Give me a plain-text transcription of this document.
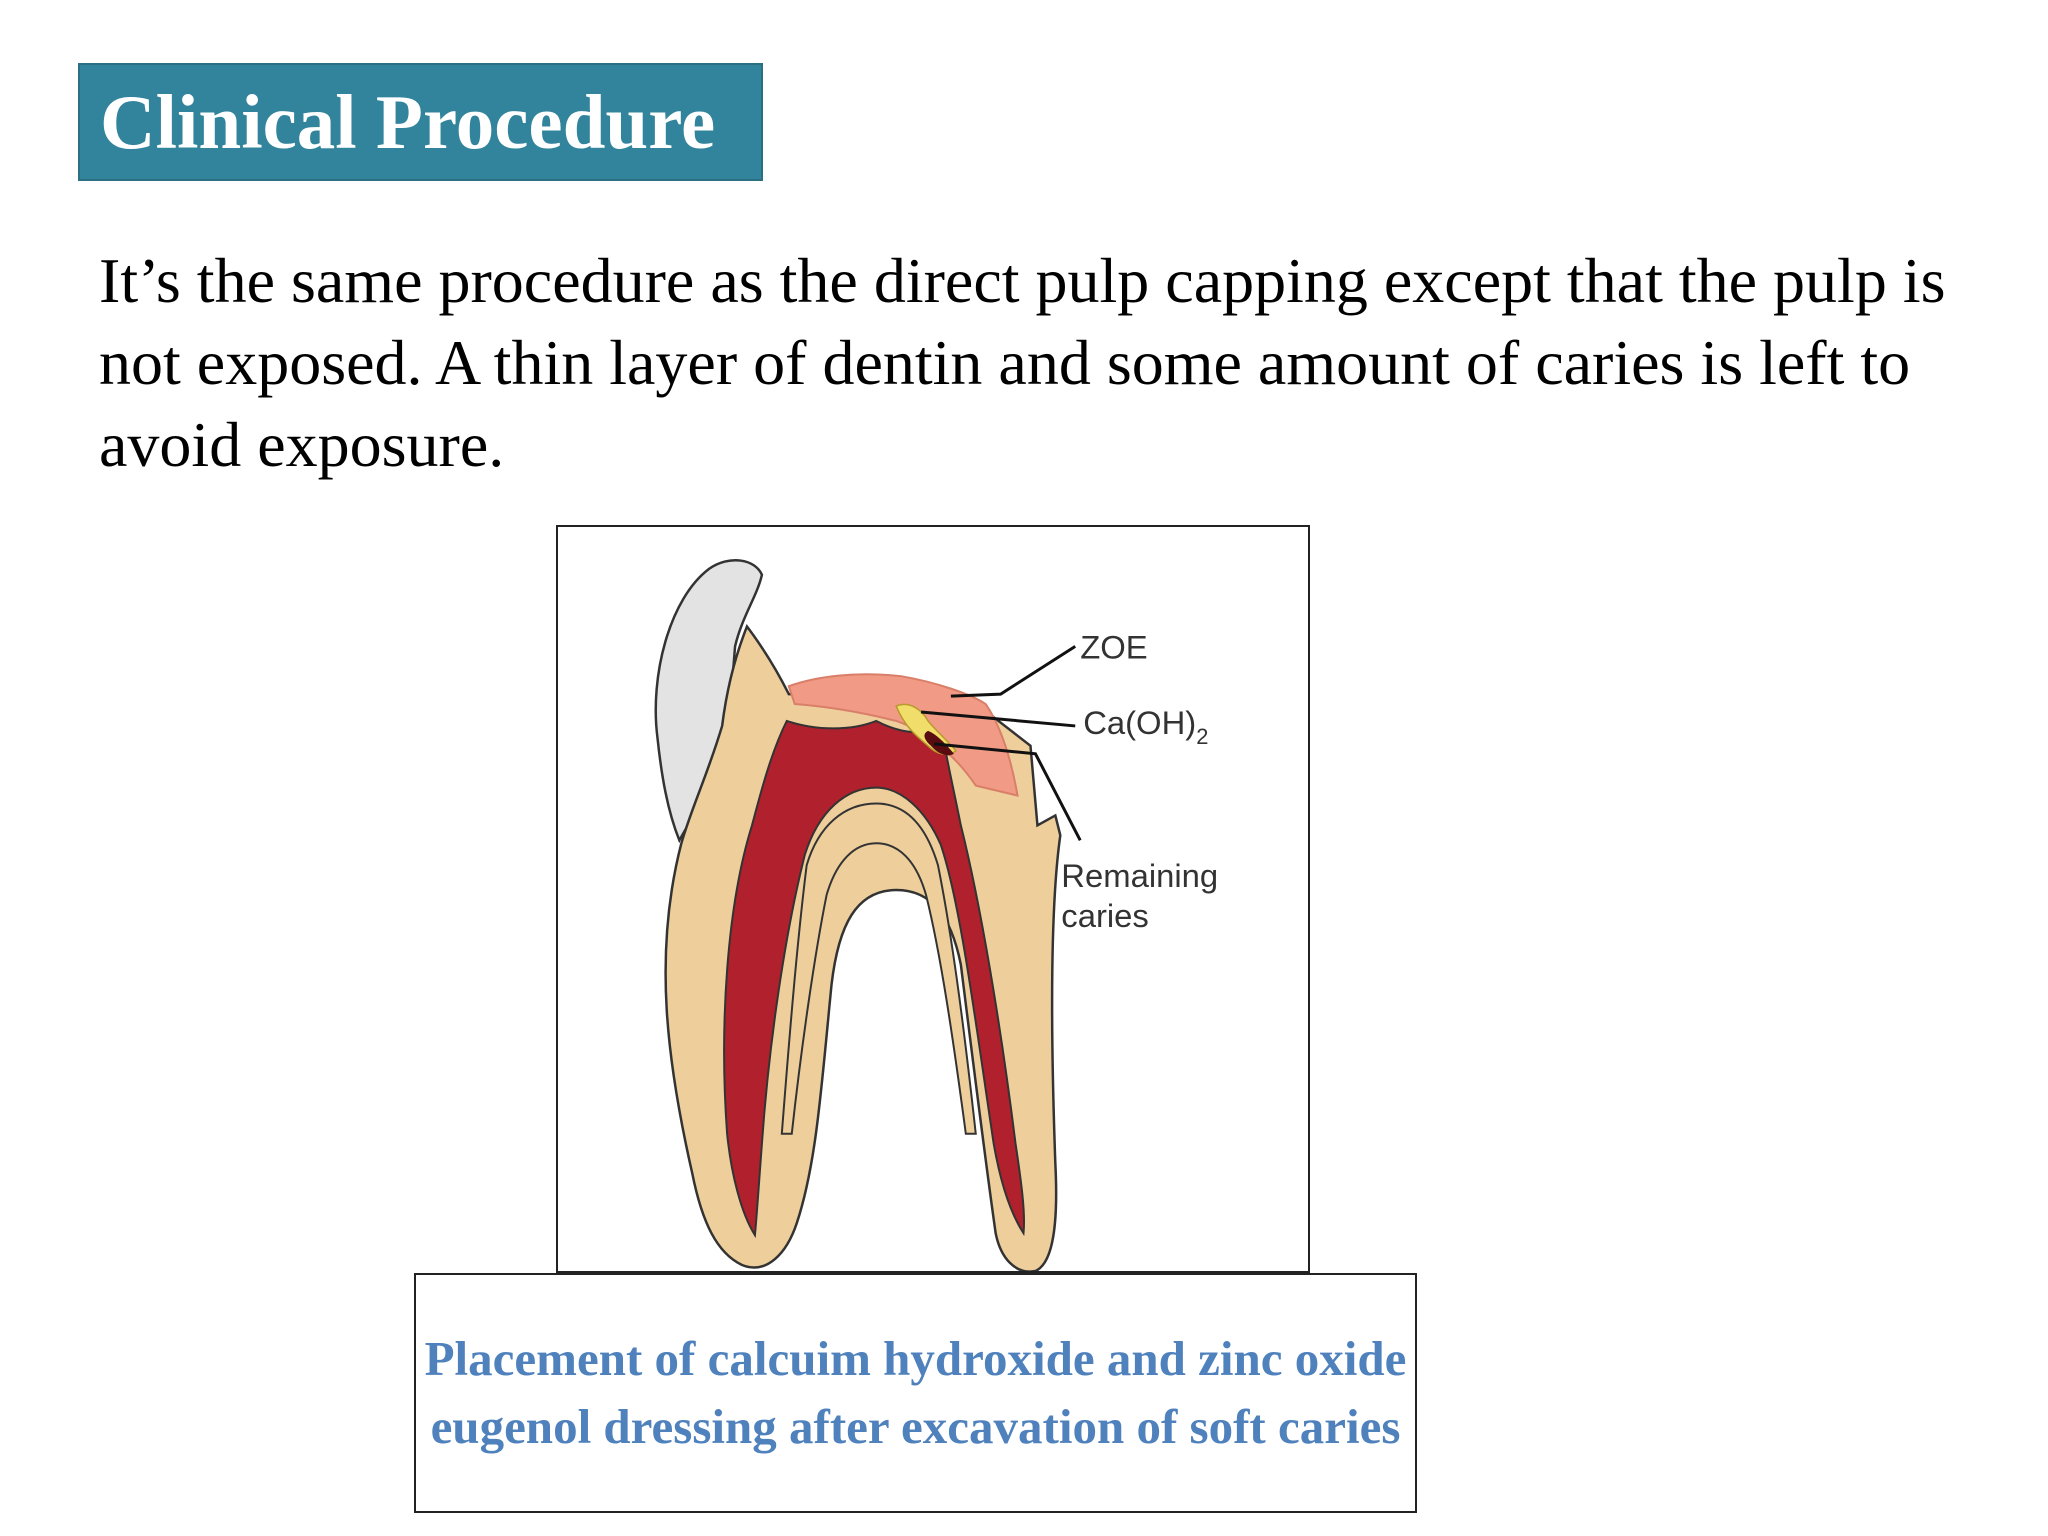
Clinical Procedure

It’s the same procedure as the direct pulp capping except that the pulp is not exposed. A thin layer of dentin and some amount of caries is left to avoid exposure.

ZOE
$Ca(OH)_2$
Remaining
caries

Placement of calcuim hydroxide and zinc oxide eugenol dressing after excavation of soft caries
